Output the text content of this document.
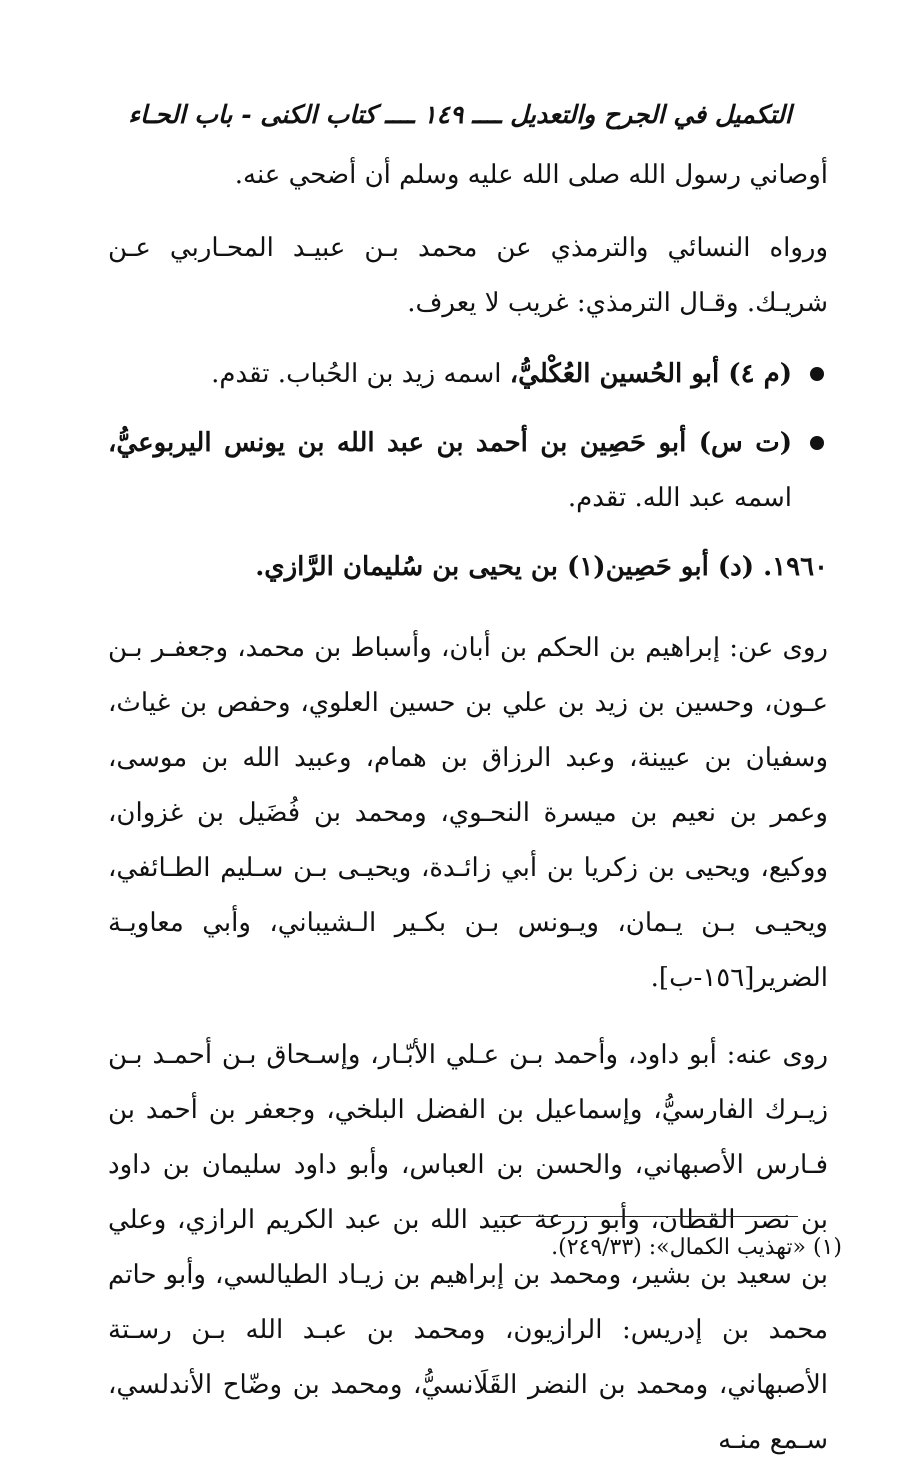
التكميل في الجرح والتعديل ــــ ١٤٩ ــــ كتاب الكنى - باب الحـاء

أوصاني رسول الله صلى الله عليه وسلم أن أضحي عنه.

ورواه النسائي والترمذي عن محمد بـن عبيـد المحـاربي عـن شريـك. وقـال الترمذي: غريب لا يعرف.

(م ٤) أبو الحُسين العُكْليُّ، اسمه زيد بن الحُباب. تقدم.

(ت س) أبو حَصِين بن أحمد بن عبد الله بن يونس اليربوعيُّ، اسمه عبد الله. تقدم.

١٩٦٠. (د) أبو حَصِين(١) بن يحيى بن سُليمان الرَّازي.

روى عن: إبراهيم بن الحكم بن أبان، وأسباط بن محمد، وجعفـر بـن عـون، وحسين بن زيد بن علي بن حسين العلوي، وحفص بن غياث، وسفيان بن عيينة، وعبد الرزاق بن همام، وعبيد الله بن موسى، وعمر بن نعيم بن ميسرة النحـوي، ومحمد بن فُضَيل بن غزوان، ووكيع، ويحيى بن زكريا بن أبي زائـدة، ويحيـى بـن سـليم الطـائفي، ويحيـى بـن يـمان، ويـونس بـن بكـير الـشيباني، وأبي معاويـة الضرير[١٥٦-ب].

روى عنه: أبو داود، وأحمد بـن عـلي الأبّـار، وإسـحاق بـن أحمـد بـن زيـرك الفارسيُّ، وإسماعيل بن الفضل البلخي، وجعفر بن أحمد بن فـارس الأصبهاني، والحسن بن العباس، وأبو داود سليمان بن داود بن نصر القطان، وأبو زرعة عبيد الله بن عبد الكريم الرازي، وعلي بن سعيد بن بشير، ومحمد بن إبراهيم بن زيـاد الطيالسي، وأبو حاتم محمد بن إدريس: الرازيون، ومحمد بن عبـد الله بـن رسـتة الأصبهاني، ومحمد بن النضر القَلَانسيُّ، ومحمد بن وضّاح الأندلسي، سـمع منـه

(١) «تهذيب الكمال»: (٢٤٩/٣٣).
